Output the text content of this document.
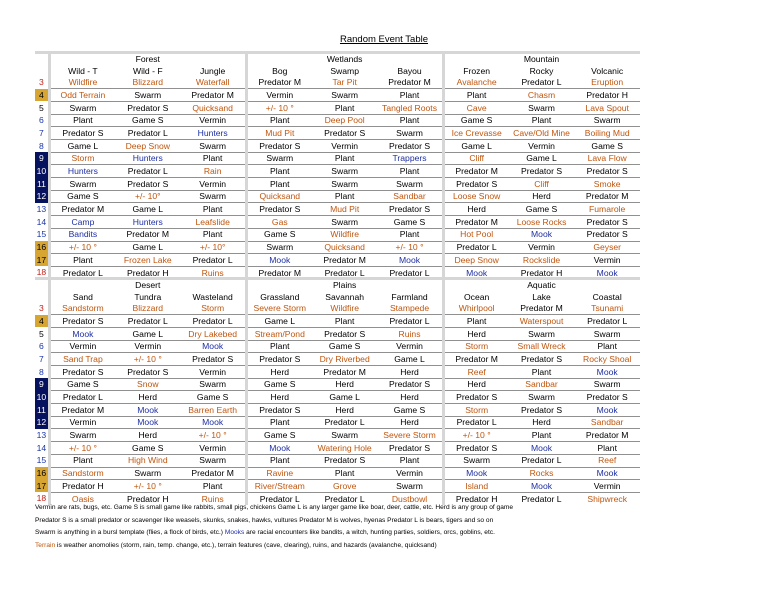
Random Event Table
		Forest			Wetlands			Mountain	
	Wild - T	Wild - F	Jungle	Bog	Swamp	Bayou	Frozen	Rocky	Volcanic
3	Wildfire	Blizzard	Waterfall	Predator M	Tar Pit	Predator M	Avalanche	Predator L	Eruption
4	Odd Terrain	Swarm	Predator M	Vermin	Swarm	Plant	Plant	Chasm	Predator H
5	Swarm	Predator S	Quicksand	+/- 10 °	Plant	Tangled Roots	Cave	Swarm	Lava Spout
6	Plant	Game S	Vermin	Plant	Deep Pool	Plant	Game S	Plant	Swarm
7	Predator S	Predator L	Hunters	Mud Pit	Predator S	Swarm	Ice Crevasse	Cave/Old Mine	Boiling Mud
8	Game L	Deep Snow	Swarm	Predator S	Vermin	Predator S	Game L	Vermin	Game S
9	Storm	Hunters	Plant	Swarm	Plant	Trappers	Cliff	Game L	Lava Flow
10	Hunters	Predator L	Rain	Plant	Swarm	Plant	Predator M	Predator S	Predator S
11	Swarm	Predator S	Vermin	Plant	Swarm	Swarm	Predator S	Cliff	Smoke
12	Game S	+/- 10°	Swarm	Quicksand	Plant	Sandbar	Loose Snow	Herd	Predator M
13	Predator M	Game L	Plant	Predator S	Mud Pit	Predator S	Herd	Game S	Fumarole
14	Camp	Hunters	Leafslide	Gas	Swarm	Game S	Predator M	Loose Rocks	Predator S
15	Bandits	Predator M	Plant	Game S	Wildfire	Plant	Hot Pool	Mook	Predator S
16	+/- 10 °	Game L	+/- 10°	Swarm	Quicksand	+/- 10 °	Predator L	Vermin	Geyser
17	Plant	Frozen Lake	Predator L	Mook	Predator M	Mook	Deep Snow	Rockslide	Vermin
18	Predator L	Predator H	Ruins	Predator M	Predator L	Predator L	Mook	Predator H	Mook
		Desert			Plains			Aquatic	
	Sand	Tundra	Wasteland	Grassland	Savannah	Farmland	Ocean	Lake	Coastal
3	Sandstorm	Blizzard	Storm	Severe Storm	Wildfire	Stampede	Whirlpool	Predator M	Tsunami
4	Predator S	Predator L	Predator L	Game L	Plant	Predator L	Plant	Waterspout	Predator L
5	Mook	Game L	Dry Lakebed	Stream/Pond	Predator S	Ruins	Herd	Swarm	Swarm
6	Vermin	Vermin	Mook	Plant	Game S	Vermin	Storm	Small Wreck	Plant
7	Sand Trap	+/- 10 °	Predator S	Predator S	Dry Riverbed	Game L	Predator M	Predator S	Rocky Shoal
8	Predator S	Predator S	Vermin	Herd	Predator M	Herd	Reef	Plant	Mook
9	Game S	Snow	Swarm	Game S	Herd	Predator S	Herd	Sandbar	Swarm
10	Predator L	Herd	Game S	Herd	Game L	Herd	Predator S	Swarm	Predator S
11	Predator M	Mook	Barren Earth	Predator S	Herd	Game S	Storm	Predator S	Mook
12	Vermin	Mook	Mook	Plant	Predator L	Herd	Predator L	Herd	Sandbar
13	Swarm	Herd	+/- 10 °	Game S	Swarm	Severe Storm	+/- 10 °	Plant	Predator M
14	+/- 10 °	Game S	Vermin	Mook	Watering Hole	Predator S	Predator S	Mook	Plant
15	Plant	High Wind	Swarm	Plant	Predator S	Plant	Swarm	Predator L	Reef
16	Sandstorm	Swarm	Predator M	Ravine	Plant	Vermin	Mook	Rocks	Mook
17	Predator H	+/- 10 °	Plant	River/Stream	Grove	Swarm	Island	Mook	Vermin
18	Oasis	Predator H	Ruins	Predator L	Predator L	Dustbowl	Predator H	Predator L	Shipwreck
Vermin are rats, bugs, etc. Game S is small game like rabbits, small pigs, chickens Game L is any larger game like boar, deer, cattle, etc. Herd is any group of game
Predator S is a small predator or scavenger like weasels, skunks, snakes, hawks, vultures Predator M is wolves, hyenas Predator L is bears, tigers and so on
Swarm is anything in a bursl template (flies, a flock of birds, etc.) Mooks are racial encounters like bandits, a witch, hunting parties, soldiers, orcs, goblins, etc.
Terrain is weather anomolies (storm, rain, temp. change, etc.), terrain features (cave, clearing), ruins, and hazards (avalanche, quicksand)
